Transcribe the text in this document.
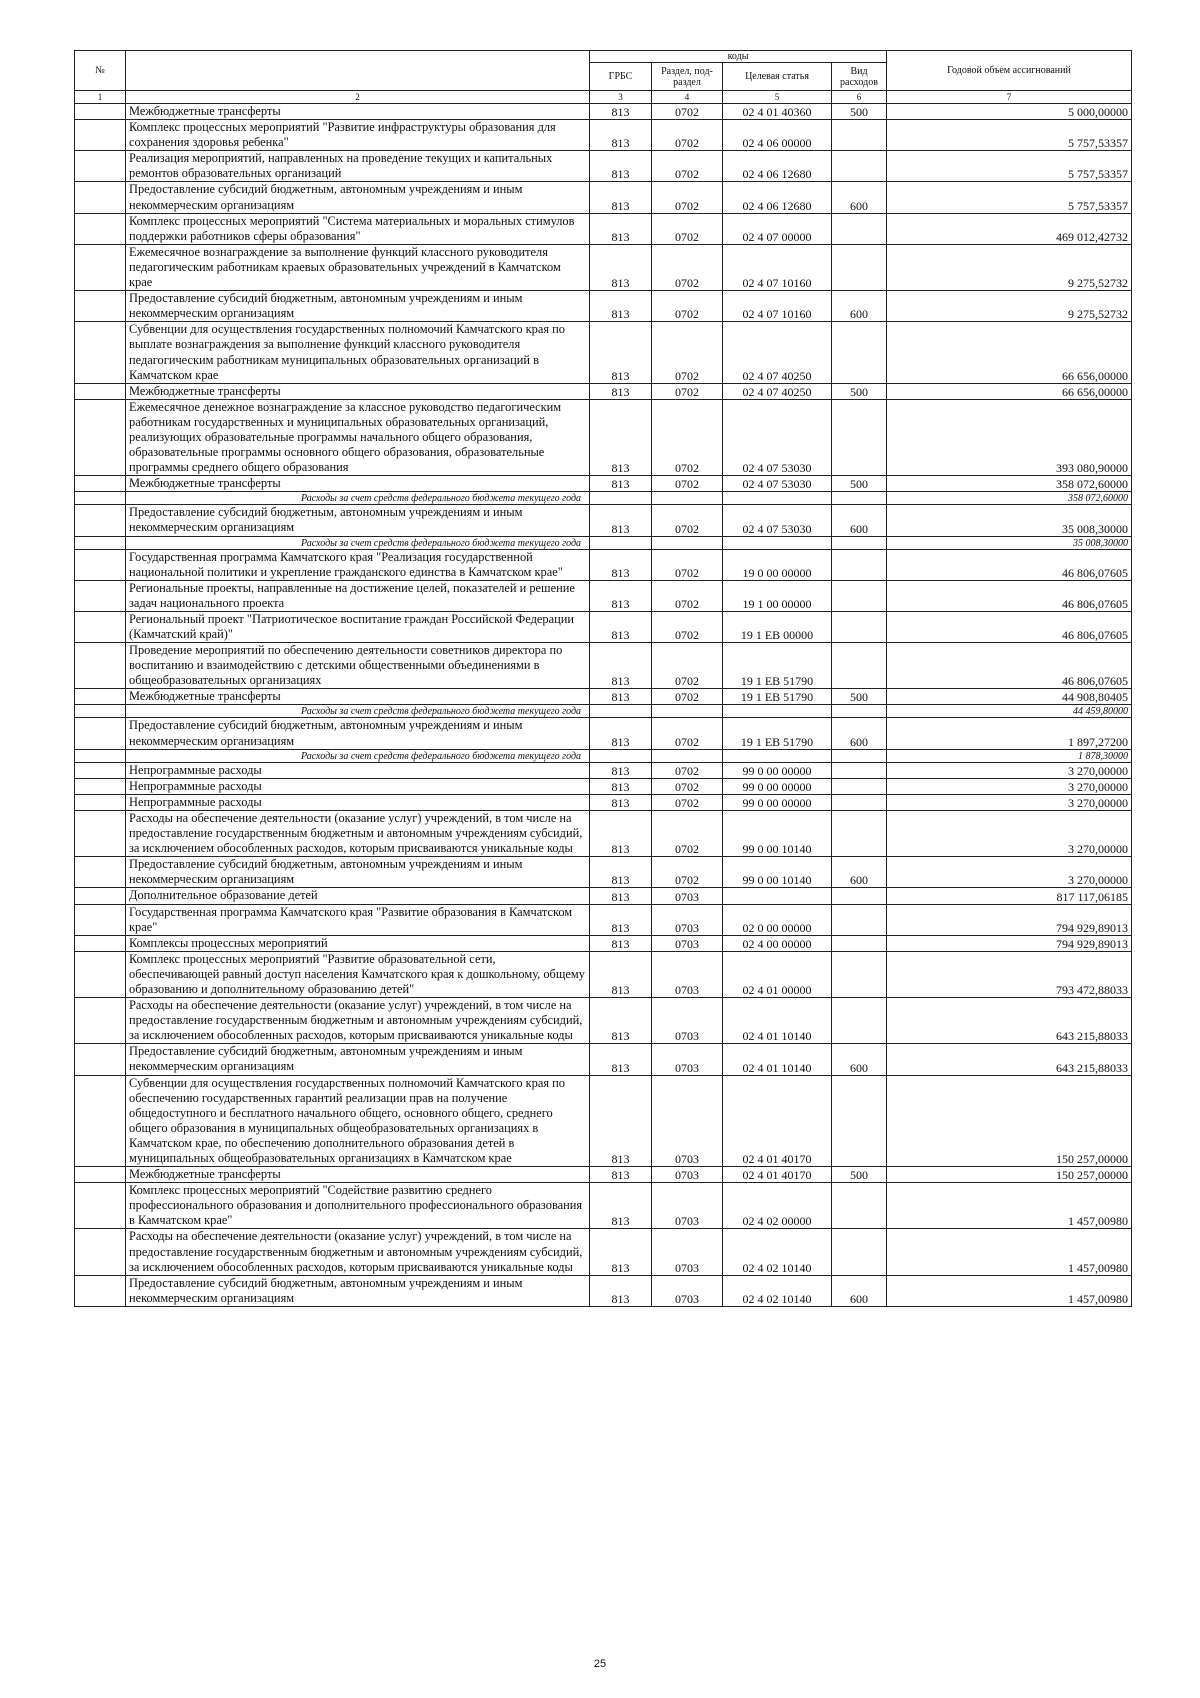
№		коды				Годовой объем ассигнований
		ГРБС	Раздел, под-раздел	Целевая статья	Вид расходов	
1	2	3	4	5	6	7
	Межбюджетные трансферты	813	0702	02 4 01 40360	500	5 000,00000
	Комплекс процессных мероприятий "Развитие инфраструктуры образования для сохранения здоровья ребенка"	813	0702	02 4 06 00000		5 757,53357
	Реализация мероприятий, направленных на проведение текущих и капитальных ремонтов образовательных организаций	813	0702	02 4 06 12680		5 757,53357
	Предоставление субсидий бюджетным, автономным учреждениям и иным некоммерческим организациям	813	0702	02 4 06 12680	600	5 757,53357
	Комплекс процессных мероприятий "Система материальных и моральных стимулов поддержки работников сферы образования"	813	0702	02 4 07 00000		469 012,42732
	Ежемесячное вознаграждение за выполнение функций классного руководителя педагогическим работникам краевых образовательных учреждений в Камчатском крае	813	0702	02 4 07 10160		9 275,52732
	Предоставление субсидий бюджетным, автономным учреждениям и иным некоммерческим организациям	813	0702	02 4 07 10160	600	9 275,52732
	Субвенции для осуществления государственных полномочий Камчатского края по выплате вознаграждения за выполнение функций классного руководителя педагогическим работникам муниципальных образовательных организаций в Камчатском крае	813	0702	02 4 07 40250		66 656,00000
	Межбюджетные трансферты	813	0702	02 4 07 40250	500	66 656,00000
	Ежемесячное денежное вознаграждение за классное руководство педагогическим работникам государственных и муниципальных образовательных организаций, реализующих образовательные программы начального общего образования, образовательные программы основного общего образования, образовательные программы среднего общего образования	813	0702	02 4 07 53030		393 080,90000
	Межбюджетные трансферты	813	0702	02 4 07 53030	500	358 072,60000
	Расходы за счет средств федерального бюджета текущего года					358 072,60000
	Предоставление субсидий бюджетным, автономным учреждениям и иным некоммерческим организациям	813	0702	02 4 07 53030	600	35 008,30000
	Расходы за счет средств федерального бюджета текущего года					35 008,30000
	Государственная программа Камчатского края "Реализация государственной национальной политики и укрепление гражданского единства в Камчатском крае"	813	0702	19 0 00 00000		46 806,07605
	Региональные проекты, направленные на достижение целей, показателей и решение задач национального проекта	813	0702	19 1 00 00000		46 806,07605
	Региональный проект "Патриотическое воспитание граждан Российской Федерации (Камчатский край)"	813	0702	19 1 ЕВ 00000		46 806,07605
	Проведение мероприятий по обеспечению деятельности советников директора по воспитанию и взаимодействию с детскими общественными объединениями в общеобразовательных организациях	813	0702	19 1 ЕВ 51790		46 806,07605
	Межбюджетные трансферты	813	0702	19 1 ЕВ 51790	500	44 908,80405
	Расходы за счет средств федерального бюджета текущего года					44 459,80000
	Предоставление субсидий бюджетным, автономным учреждениям и иным некоммерческим организациям	813	0702	19 1 ЕВ 51790	600	1 897,27200
	Расходы за счет средств федерального бюджета текущего года					1 878,30000
	Непрограммные расходы	813	0702	99 0 00 00000		3 270,00000
	Непрограммные расходы	813	0702	99 0 00 00000		3 270,00000
	Непрограммные расходы	813	0702	99 0 00 00000		3 270,00000
	Расходы на обеспечение деятельности (оказание услуг) учреждений, в том числе на предоставление государственным бюджетным и автономным учреждениям субсидий, за исключением обособленных расходов, которым присваиваются уникальные коды	813	0702	99 0 00 10140		3 270,00000
	Предоставление субсидий бюджетным, автономным учреждениям и иным некоммерческим организациям	813	0702	99 0 00 10140	600	3 270,00000
	Дополнительное образование детей	813	0703			817 117,06185
	Государственная программа Камчатского края "Развитие образования в Камчатском крае"	813	0703	02 0 00 00000		794 929,89013
	Комплексы процессных мероприятий	813	0703	02 4 00 00000		794 929,89013
	Комплекс процессных мероприятий "Развитие образовательной сети, обеспечивающей равный доступ населения Камчатского края к дошкольному, общему образованию и дополнительному образованию детей"	813	0703	02 4 01 00000		793 472,88033
	Расходы на обеспечение деятельности (оказание услуг) учреждений, в том числе на предоставление государственным бюджетным и автономным учреждениям субсидий, за исключением обособленных расходов, которым присваиваются уникальные коды	813	0703	02 4 01 10140		643 215,88033
	Предоставление субсидий бюджетным, автономным учреждениям и иным некоммерческим организациям	813	0703	02 4 01 10140	600	643 215,88033
	Субвенции для осуществления государственных полномочий Камчатского края по обеспечению государственных гарантий реализации прав на получение общедоступного и бесплатного начального общего, основного общего, среднего общего образования в муниципальных общеобразовательных организациях в Камчатском крае, по обеспечению дополнительного образования детей в муниципальных общеобразовательных организациях в Камчатском крае	813	0703	02 4 01 40170		150 257,00000
	Межбюджетные трансферты	813	0703	02 4 01 40170	500	150 257,00000
	Комплекс процессных мероприятий "Содействие развитию среднего профессионального образования и дополнительного профессионального образования в Камчатском крае"	813	0703	02 4 02 00000		1 457,00980
	Расходы на обеспечение деятельности (оказание услуг) учреждений, в том числе на предоставление государственным бюджетным и автономным учреждениям субсидий, за исключением обособленных расходов, которым присваиваются уникальные коды	813	0703	02 4 02 10140		1 457,00980
	Предоставление субсидий бюджетным, автономным учреждениям и иным некоммерческим организациям	813	0703	02 4 02 10140	600	1 457,00980
25
